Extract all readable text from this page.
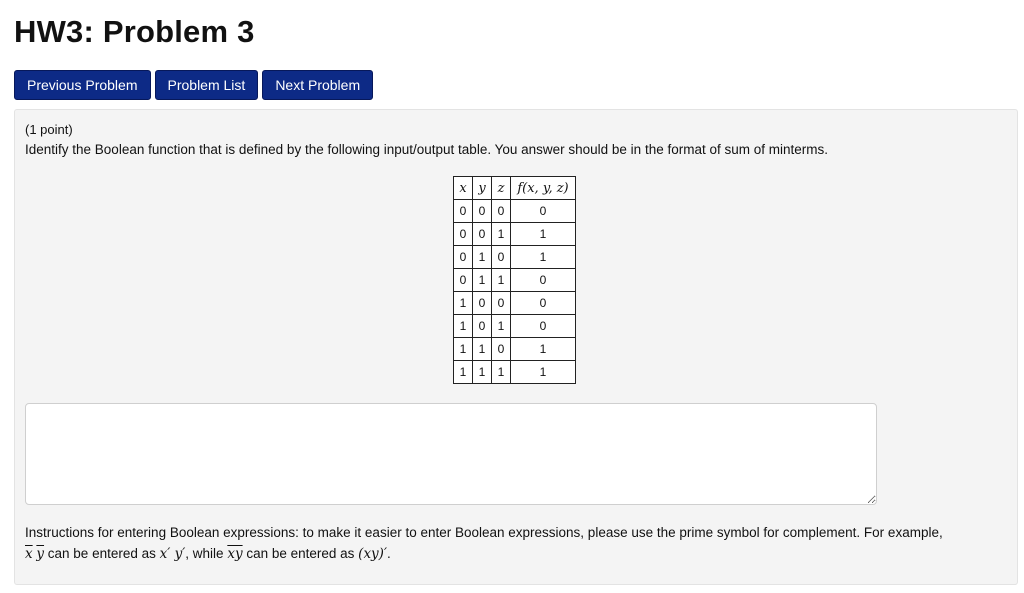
HW3: Problem 3
Previous Problem	Problem List	Next Problem
(1 point)
Identify the Boolean function that is defined by the following input/output table. You answer should be in the format of sum of minterms.
x	y	z	f(x, y, z)
0	0	0	0
0	0	1	1
0	1	0	1
0	1	1	0
1	0	0	0
1	0	1	0
1	1	0	1
1	1	1	1
Instructions for entering Boolean expressions: to make it easier to enter Boolean expressions, please use the prime symbol for complement. For example,
$\overline{x}$ $\overline{y}$ can be entered as x′ y′, while $\overline{xy}$ can be entered as (xy)′.
